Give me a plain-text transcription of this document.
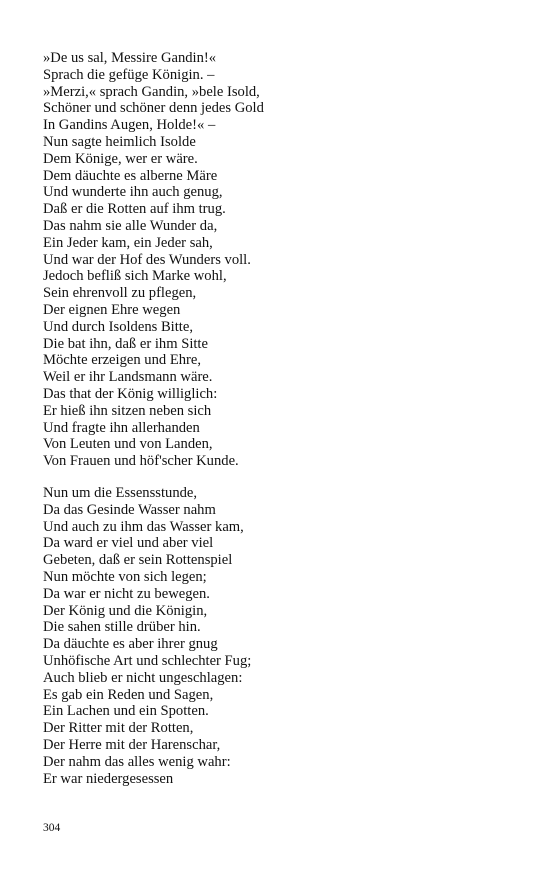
»De us sal, Messire Gandin!«
Sprach die gefüge Königin. –
»Merzi,« sprach Gandin, »bele Isold,
Schöner und schöner denn jedes Gold
In Gandins Augen, Holde!« –
Nun sagte heimlich Isolde
Dem Könige, wer er wäre.
Dem däuchte es alberne Märe
Und wunderte ihn auch genug,
Daß er die Rotten auf ihm trug.
Das nahm sie alle Wunder da,
Ein Jeder kam, ein Jeder sah,
Und war der Hof des Wunders voll.
Jedoch befliß sich Marke wohl,
Sein ehrenvoll zu pflegen,
Der eignen Ehre wegen
Und durch Isoldens Bitte,
Die bat ihn, daß er ihm Sitte
Möchte erzeigen und Ehre,
Weil er ihr Landsmann wäre.
Das that der König williglich:
Er hieß ihn sitzen neben sich
Und fragte ihn allerhanden
Von Leuten und von Landen,
Von Frauen und höf'scher Kunde.
Nun um die Essensstunde,
Da das Gesinde Wasser nahm
Und auch zu ihm das Wasser kam,
Da ward er viel und aber viel
Gebeten, daß er sein Rottenspiel
Nun möchte von sich legen;
Da war er nicht zu bewegen.
Der König und die Königin,
Die sahen stille drüber hin.
Da däuchte es aber ihrer gnug
Unhöfische Art und schlechter Fug;
Auch blieb er nicht ungeschlagen:
Es gab ein Reden und Sagen,
Ein Lachen und ein Spotten.
Der Ritter mit der Rotten,
Der Herre mit der Harenschar,
Der nahm das alles wenig wahr:
Er war niedergesessen
304
